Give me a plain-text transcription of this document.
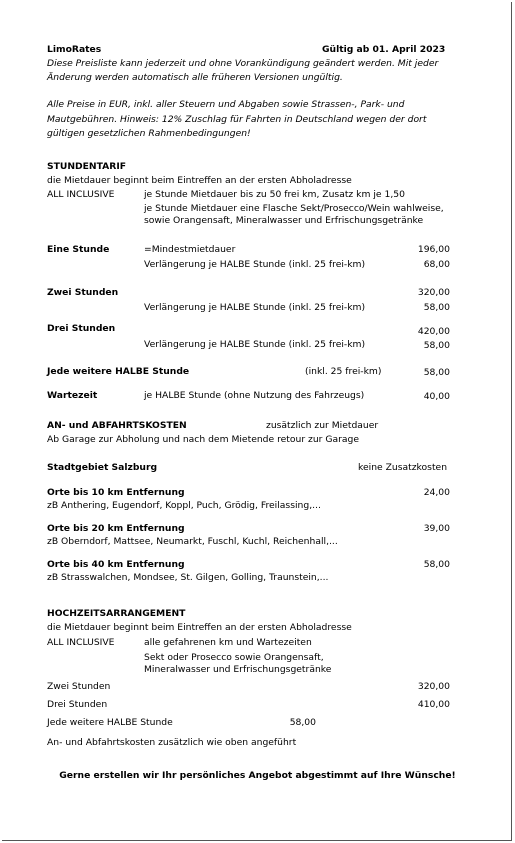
LimoRates	Gültig ab 01. April 2023
Diese Preisliste kann jederzeit und ohne Vorankündigung geändert werden. Mit jeder
Änderung werden automatisch alle früheren Versionen ungültig.
Alle Preise in EUR, inkl. aller Steuern und Abgaben sowie Strassen-, Park- und
Mautgebühren. Hinweis: 12% Zuschlag für Fahrten in Deutschland wegen der dort
gültigen gesetzlichen Rahmenbedingungen!
STUNDENTARIF
die Mietdauer beginnt beim Eintreffen an der ersten Abholadresse
ALL INCLUSIVE	je Stunde Mietdauer bis zu 50 frei km, Zusatz km je 1,50
je Stunde Mietdauer eine Flasche Sekt/Prosecco/Wein wahlweise,
sowie Orangensaft, Mineralwasser und Erfrischungsgetränke
Eine Stunde	=Mindestmietdauer	196,00
Verlängerung je HALBE Stunde (inkl. 25 frei-km)	68,00
Zwei Stunden	320,00
Verlängerung je HALBE Stunde (inkl. 25 frei-km)	58,00
Drei Stunden	420,00
Verlängerung je HALBE Stunde (inkl. 25 frei-km)	58,00
Jede weitere HALBE Stunde	(inkl. 25 frei-km)	58,00
Wartezeit	je HALBE Stunde (ohne Nutzung des Fahrzeugs)	40,00
AN- und ABFAHRTSKOSTEN	zusätzlich zur Mietdauer
Ab Garage zur Abholung und nach dem Mietende retour zur Garage
Stadtgebiet Salzburg	keine Zusatzkosten
Orte bis 10 km Entfernung	24,00
zB Anthering, Eugendorf, Koppl, Puch, Grödig, Freilassing,...
Orte bis 20 km Entfernung	39,00
zB Oberndorf, Mattsee, Neumarkt, Fuschl, Kuchl, Reichenhall,...
Orte bis 40 km Entfernung	58,00
zB Strasswalchen, Mondsee, St. Gilgen, Golling, Traunstein,...
HOCHZEITSARRANGEMENT
die Mietdauer beginnt beim Eintreffen an der ersten Abholadresse
ALL INCLUSIVE	alle gefahrenen km und Wartezeiten
Sekt oder Prosecco sowie Orangensaft,
Mineralwasser und Erfrischungsgetränke
Zwei Stunden	320,00
Drei Stunden	410,00
Jede weitere HALBE Stunde	58,00
An- und Abfahrtskosten zusätzlich wie oben angeführt
Gerne erstellen wir Ihr persönliches Angebot abgestimmt auf Ihre Wünsche!
